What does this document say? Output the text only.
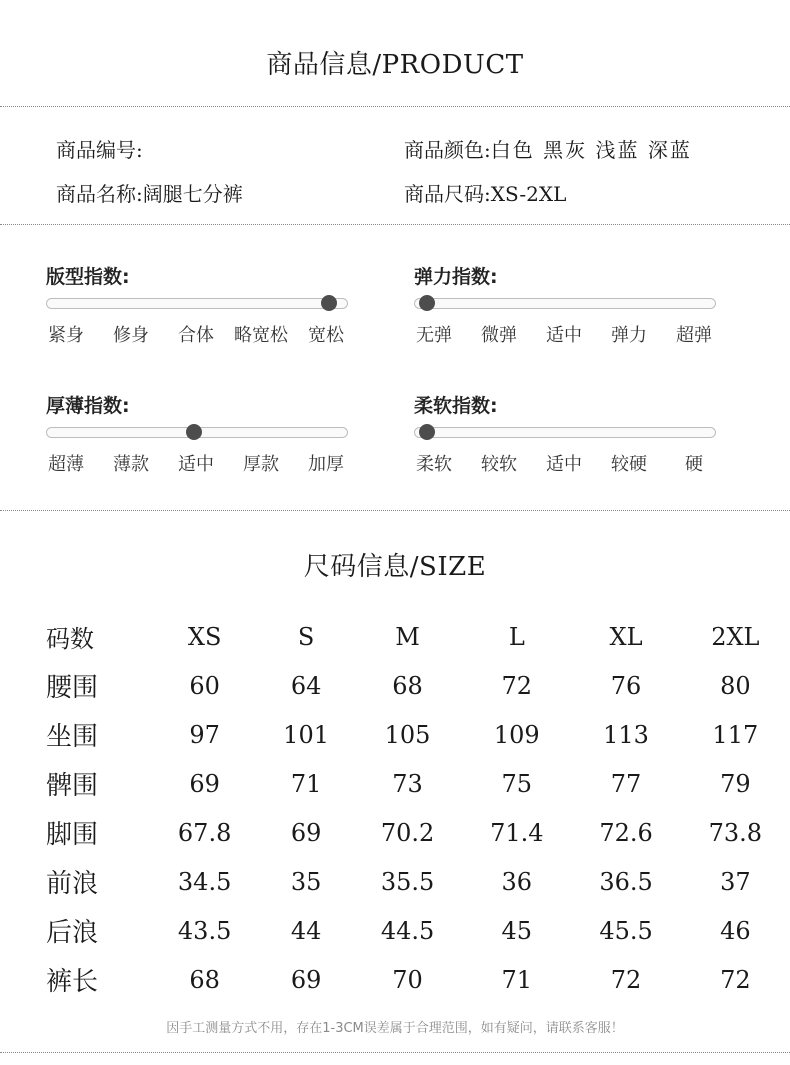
商品信息/PRODUCT
商品编号:
商品名称:阔腿七分裤
商品颜色:白色 黑灰 浅蓝 深蓝
商品尺码:XS-2XL
版型指数:
紧身 修身 合体 略宽松 宽松
弹力指数:
无弹 微弹 适中 弹力 超弹
厚薄指数:
超薄 薄款 适中 厚款 加厚
柔软指数:
柔软 较软 适中 较硬 硬
尺码信息/SIZE
码数	XS	S	M	L	XL	2XL
腰围	60	64	68	72	76	80
坐围	97	101	105	109	113	117
髀围	69	71	73	75	77	79
脚围	67.8	69	70.2	71.4	72.6	73.8
前浪	34.5	35	35.5	36	36.5	37
后浪	43.5	44	44.5	45	45.5	46
裤长	68	69	70	71	72	72
因手工测量方式不用，存在1-3CM误差属于合理范围，如有疑问，请联系客服！
